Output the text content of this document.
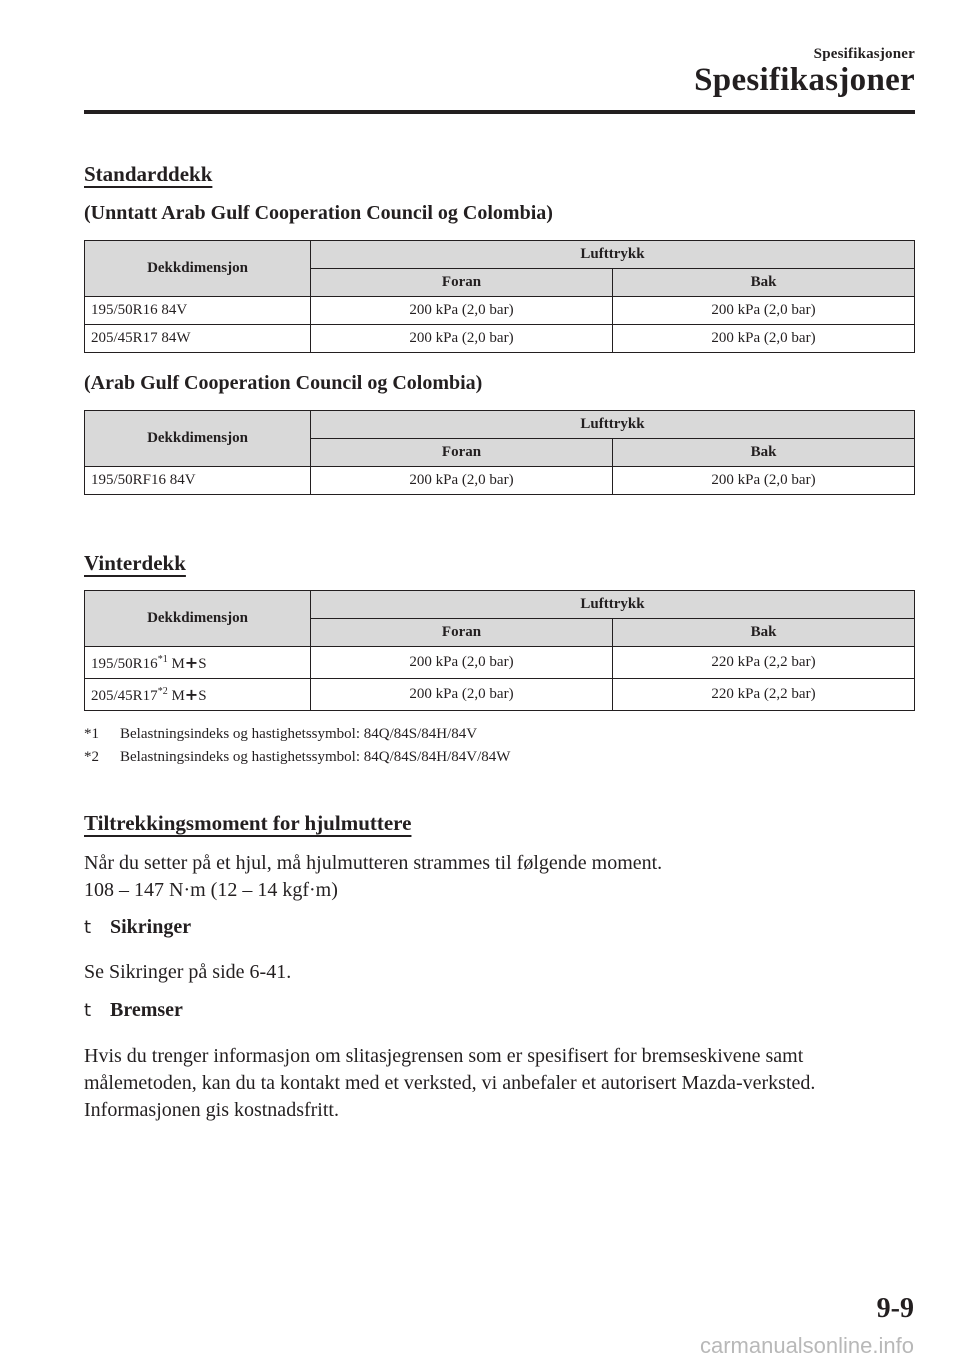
Spesifikasjoner
Spesifikasjoner
Standarddekk
(Unntatt Arab Gulf Cooperation Council og Colombia)
Dekkdimensjon	Lufttrykk	
	Foran	Bak
195/50R16 84V	200 kPa (2,0 bar)	200 kPa (2,0 bar)
205/45R17 84W	200 kPa (2,0 bar)	200 kPa (2,0 bar)
(Arab Gulf Cooperation Council og Colombia)
Dekkdimensjon	Lufttrykk	
	Foran	Bak
195/50RF16 84V	200 kPa (2,0 bar)	200 kPa (2,0 bar)
Vinterdekk
Dekkdimensjon	Lufttrykk	
	Foran	Bak
195/50R16$^{*1}$ M+S	200 kPa (2,0 bar)	220 kPa (2,2 bar)
205/45R17$^{*2}$ M+S	200 kPa (2,0 bar)	220 kPa (2,2 bar)
*1 Belastningsindeks og hastighetssymbol: 84Q/84S/84H/84V
*2 Belastningsindeks og hastighetssymbol: 84Q/84S/84H/84V/84W
Tiltrekkingsmoment for hjulmuttere
Når du setter på et hjul, må hjulmutteren strammes til følgende moment.
108 – 147 N·m (12 – 14 kgf·m)
t Sikringer
Se Sikringer på side 6-41.
t Bremser
Hvis du trenger informasjon om slitasjegrensen som er spesifisert for bremseskivene samt
målemetoden, kan du ta kontakt med et verksted, vi anbefaler et autorisert Mazda-verksted.
Informasjonen gis kostnadsfritt.
9-9
carmanualsonline.info
